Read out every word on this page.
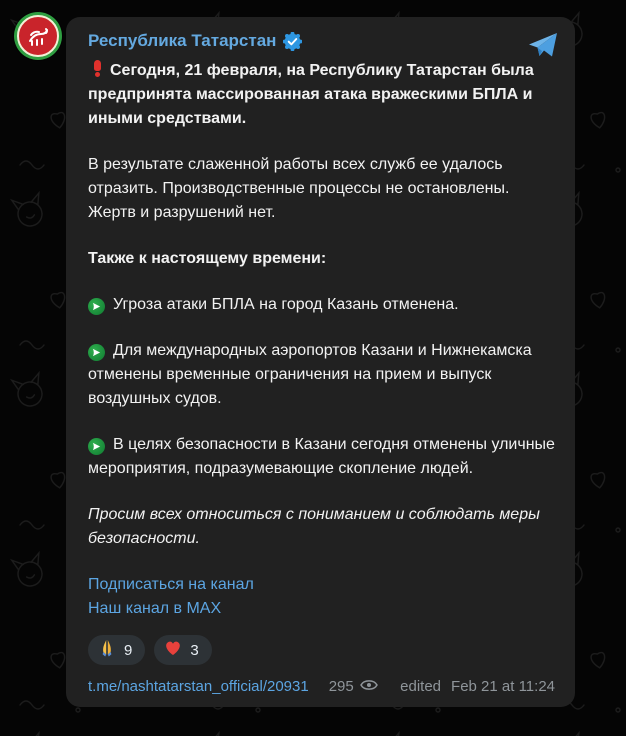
Республика Татарстан

Сегодня, 21 февраля, на Республику Татарстан была предпринята массированная атака вражескими БПЛА и иными средствами.

В результате слаженной работы всех служб ее удалось отразить. Производственные процессы не остановлены. Жертв и разрушений нет.

Также к настоящему времени:

Угроза атаки БПЛА на город Казань отменена.

Для международных аэропортов Казани и Нижнекамска отменены временные ограничения на прием и выпуск воздушных судов.

В целях безопасности в Казани сегодня отменены уличные мероприятия, подразумевающие скопление людей.

Просим всех относиться с пониманием и соблюдать меры безопасности.

Подписаться на канал
Наш канал в MAX

9	3
t.me/nashtatarstan_official/20931 295	edited Feb 21 at 11:24
